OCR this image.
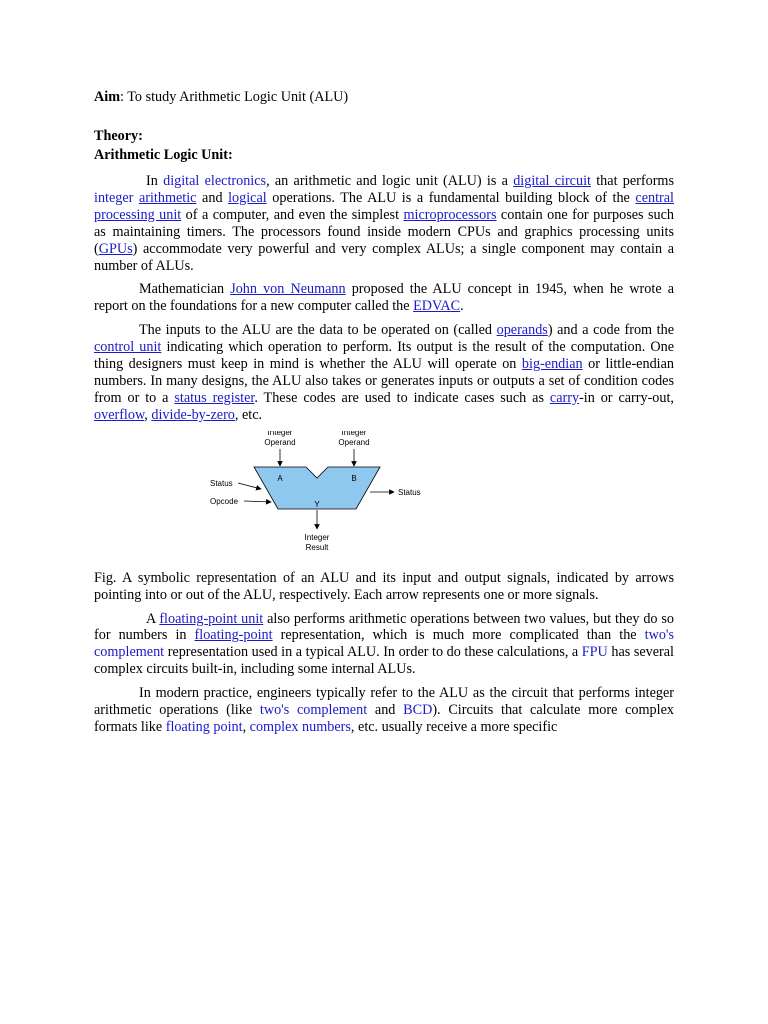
Aim: To study Arithmetic Logic Unit (ALU)
Theory:
Arithmetic Logic Unit:

In digital electronics, an arithmetic and logic unit (ALU) is a digital circuit that performs integer arithmetic and logical operations. The ALU is a fundamental building block of the central processing unit of a computer, and even the simplest microprocessors contain one for purposes such as maintaining timers. The processors found inside modern CPUs and graphics processing units (GPUs) accommodate very powerful and very complex ALUs; a single component may contain a number of ALUs.

Mathematician John von Neumann proposed the ALU concept in 1945, when he wrote a report on the foundations for a new computer called the EDVAC.

The inputs to the ALU are the data to be operated on (called operands) and a code from the control unit indicating which operation to perform. Its output is the result of the computation. One thing designers must keep in mind is whether the ALU will operate on big-endian or little-endian numbers. In many designs, the ALU also takes or generates inputs or outputs a set of condition codes from or to a status register. These codes are used to indicate cases such as carry-in or carry-out, overflow, divide-by-zero, etc.

Integer
Operand
Integer
Operand
A	B
Y
Status
Opcode
Status
Integer
Result

Fig. A symbolic representation of an ALU and its input and output signals, indicated by arrows pointing into or out of the ALU, respectively. Each arrow represents one or more signals.

A floating-point unit also performs arithmetic operations between two values, but they do so for numbers in floating-point representation, which is much more complicated than the two's complement representation used in a typical ALU. In order to do these calculations, a FPU has several complex circuits built-in, including some internal ALUs.

In modern practice, engineers typically refer to the ALU as the circuit that performs integer arithmetic operations (like two's complement and BCD). Circuits that calculate more complex formats like floating point, complex numbers, etc. usually receive a more specific
